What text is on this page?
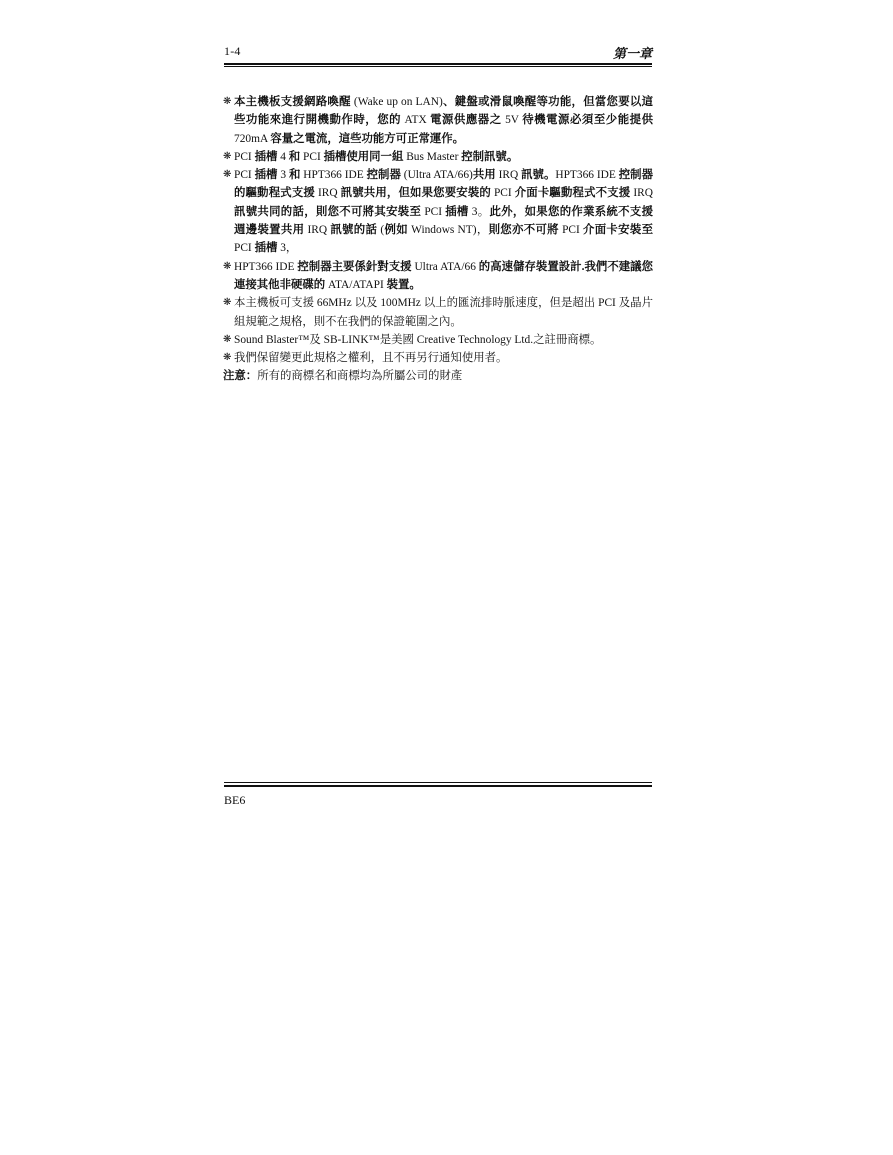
1-4	第一章
❋ 本主機板支援網路喚醒 (Wake up on LAN)、鍵盤或滑鼠喚醒等功能，但當您要以這些功能來進行開機動作時，您的 ATX 電源供應器之 5V 待機電源必須至少能提供 720mA 容量之電流，這些功能方可正常運作。
❋ PCI 插槽 4 和 PCI 插槽使用同一組 Bus Master 控制訊號。
❋ PCI 插槽 3 和 HPT366 IDE 控制器 (Ultra ATA/66)共用 IRQ 訊號。HPT366 IDE 控制器的驅動程式支援 IRQ 訊號共用，但如果您要安裝的 PCI 介面卡驅動程式不支援 IRQ 訊號共同的話，則您不可將其安裝至 PCI 插槽 3。此外，如果您的作業系統不支援週邊裝置共用 IRQ 訊號的話 (例如 Windows NT)，則您亦不可將 PCI 介面卡安裝至 PCI 插槽 3，
❋ HPT366 IDE 控制器主要係針對支援 Ultra ATA/66 的高速儲存裝置設計.我們不建議您連接其他非硬碟的 ATA/ATAPI 裝置。
❋ 本主機板可支援 66MHz 以及 100MHz 以上的匯流排時脈速度，但是超出 PCI 及晶片組規範之規格，則不在我們的保證範圍之內。
❋ Sound Blaster™及 SB-LINK™是美國 Creative Technology Ltd.之註冊商標。
❋ 我們保留變更此規格之權利，且不再另行通知使用者。
注意：所有的商標名和商標均為所屬公司的財產
BE6
